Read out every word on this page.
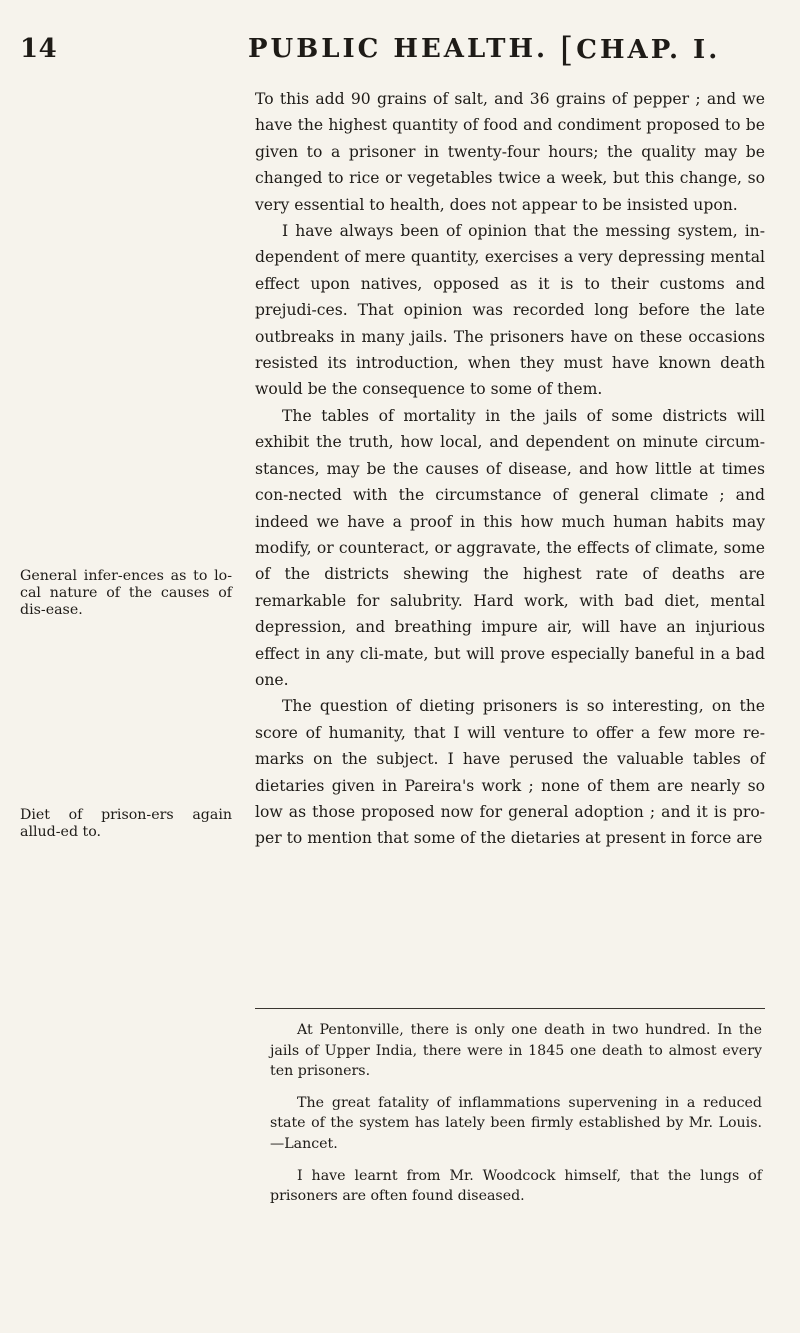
14	PUBLIC HEALTH. [CHAP. I.

To this add 90 grains of salt, and 36 grains of pepper ; and we have the highest quantity of food and condiment proposed to be given to a prisoner in twenty-four hours; the quality may be changed to rice or vegetables twice a week, but this change, so very essential to health, does not appear to be insisted upon.

I have always been of opinion that the messing system, in-dependent of mere quantity, exercises a very depressing mental effect upon natives, opposed as it is to their customs and prejudi-ces. That opinion was recorded long before the late outbreaks in many jails. The prisoners have on these occasions resisted its introduction, when they must have known death would be the consequence to some of them.

The tables of mortality in the jails of some districts will exhibit the truth, how local, and dependent on minute circum-stances, may be the causes of disease, and how little at times con-nected with the circumstance of general climate ; and indeed we have a proof in this how much human habits may modify, or counteract, or aggravate, the effects of climate, some of the districts shewing the highest rate of deaths are remarkable for salubrity. Hard work, with bad diet, mental depression, and breathing impure air, will have an injurious effect in any cli-mate, but will prove especially baneful in a bad one.

The question of dieting prisoners is so interesting, on the score of humanity, that I will venture to offer a few more re-marks on the subject. I have perused the valuable tables of dietaries given in Pareira's work ; none of them are nearly so low as those proposed now for general adoption ; and it is pro-per to mention that some of the dietaries at present in force are

General infer-ences as to lo-cal nature of the causes of dis-ease.
Diet of prison-ers again allud-ed to.

At Pentonville, there is only one death in two hundred. In the jails of Upper India, there were in 1845 one death to almost every ten prisoners.

The great fatality of inflammations supervening in a reduced state of the system has lately been firmly established by Mr. Louis.—Lancet.

I have learnt from Mr. Woodcock himself, that the lungs of prisoners are often found diseased.
